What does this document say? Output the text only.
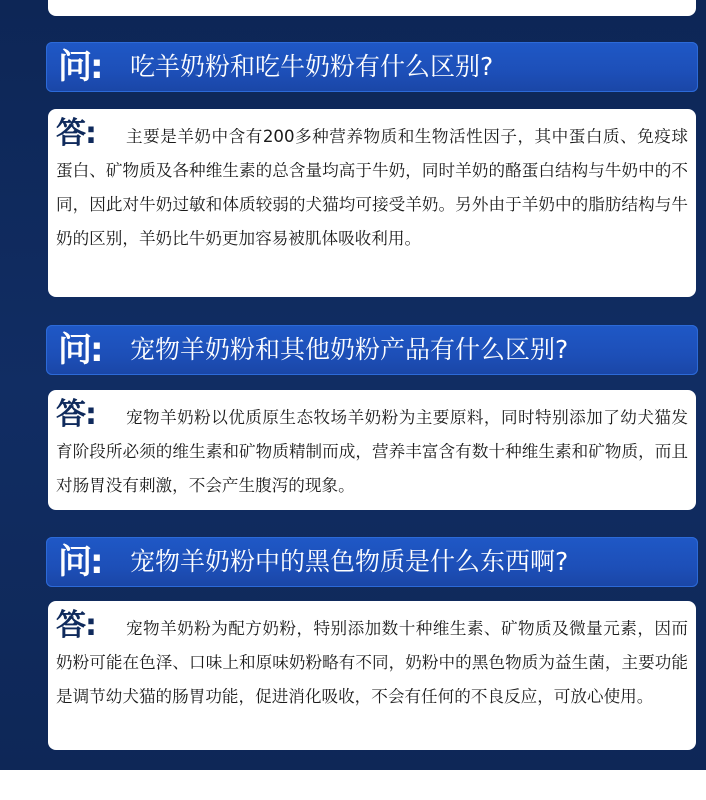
问: 吃羊奶粉和吃牛奶粉有什么区别?
答:	主要是羊奶中含有200多种营养物质和生物活性因子，其中蛋白质、免疫球蛋白、矿物质及各种维生素的总含量均高于牛奶，同时羊奶的酪蛋白结构与牛奶中的不同，因此对牛奶过敏和体质较弱的犬猫均可接受羊奶。另外由于羊奶中的脂肪结构与牛奶的区别，羊奶比牛奶更加容易被肌体吸收利用。
问: 宠物羊奶粉和其他奶粉产品有什么区别?
答:	宠物羊奶粉以优质原生态牧场羊奶粉为主要原料，同时特别添加了幼犬猫发育阶段所必须的维生素和矿物质精制而成，营养丰富含有数十种维生素和矿物质，而且对肠胃没有刺激，不会产生腹泻的现象。
问: 宠物羊奶粉中的黑色物质是什么东西啊?
答:	宠物羊奶粉为配方奶粉，特别添加数十种维生素、矿物质及微量元素，因而奶粉可能在色泽、口味上和原味奶粉略有不同，奶粉中的黑色物质为益生菌，主要功能是调节幼犬猫的肠胃功能，促进消化吸收，不会有任何的不良反应，可放心使用。
